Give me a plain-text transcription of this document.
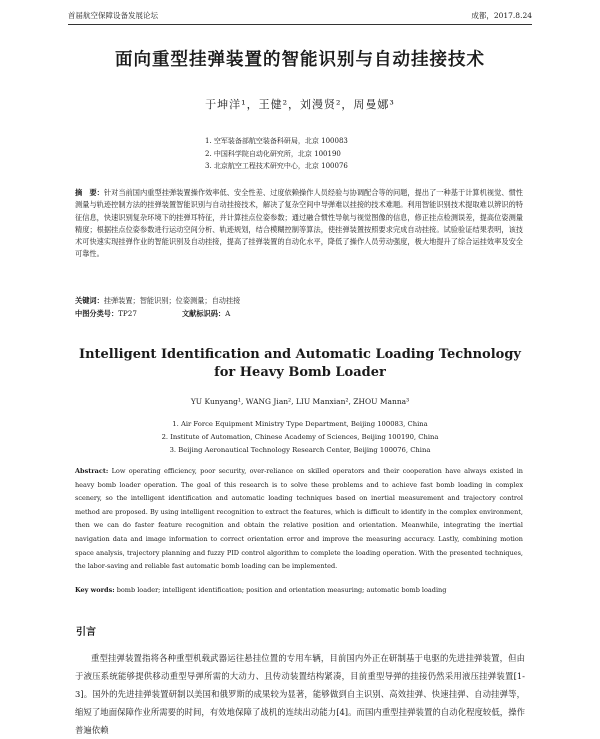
首届航空保障设备发展论坛	成都，2017.8.24
面向重型挂弹装置的智能识别与自动挂接技术
于坤洋¹，王健²，刘漫贤²，周曼娜³
1. 空军装备部航空装备科研局，北京 100083
2. 中国科学院自动化研究所，北京 100190
3. 北京航空工程技术研究中心，北京 100076
摘　要：针对当前国内重型挂弹装置操作效率低、安全性差、过度依赖操作人员经验与协调配合等的问题，提出了一种基于计算机视觉、惯性测量与轨迹控制方法的挂弹装置智能识别与自动挂接技术，解决了复杂空间中导弹难以挂接的技术难题。利用智能识别技术提取难以辨识的特征信息，快速识别复杂环境下的挂弹耳特征，并计算挂点位姿参数；通过融合惯性导航与视觉图像的信息，修正挂点检测误差，提高位姿测量精度；根据挂点位姿参数进行运动空间分析、轨迹规划，结合模糊控制等算法，使挂弹装置按照要求完成自动挂接。试验验证结果表明，该技术可快速实现挂弹作业的智能识别及自动挂接，提高了挂弹装置的自动化水平，降低了操作人员劳动强度，极大地提升了综合运挂效率及安全可靠性。
关键词：挂弹装置；智能识别；位姿测量；自动挂接
中图分类号：TP27	文献标识码：A
Intelligent Identification and Automatic Loading Technology
for Heavy Bomb Loader
YU Kunyang¹, WANG Jian², LIU Manxian², ZHOU Manna³
1. Air Force Equipment Ministry Type Department, Beijing 100083, China
2. Institute of Automation, Chinese Academy of Sciences, Beijing 100190, China
3. Beijing Aeronautical Technology Research Center, Beijing 100076, China
Abstract: Low operating efficiency, poor security, over-reliance on skilled operators and their cooperation have always existed in heavy bomb loader operation. The goal of this research is to solve these problems and to achieve fast bomb loading in complex scenery, so the intelligent identification and automatic loading techniques based on inertial measurement and trajectory control method are proposed. By using intelligent recognition to extract the features, which is difficult to identify in the complex environment, then we can do faster feature recognition and obtain the relative position and orientation. Meanwhile, integrating the inertial navigation data and image information to correct orientation error and improve the measuring accuracy. Lastly, combining motion space analysis, trajectory planning and fuzzy PID control algorithm to complete the loading operation. With the presented techniques, the labor-saving and reliable fast automatic bomb loading can be implemented.
Key words: bomb loader; intelligent identification; position and orientation measuring; automatic bomb loading
引言
重型挂弹装置指将各种重型机载武器运往悬挂位置的专用车辆，目前国内外正在研制基于电驱的先进挂弹装置，但由于液压系统能够提供移动重型导弹所需的大动力、且传动装置结构紧凑，目前重型导弹的挂接仍然采用液压挂弹装置[1-3]。国外的先进挂弹装置研制以美国和俄罗斯的成果较为显著，能够做到自主识别、高效挂弹、快速挂弹、自动挂弹等，缩短了地面保障作业所需要的时间，有效地保障了战机的连续出动能力[4]。而国内重型挂弹装置的自动化程度较低，操作普遍依赖
